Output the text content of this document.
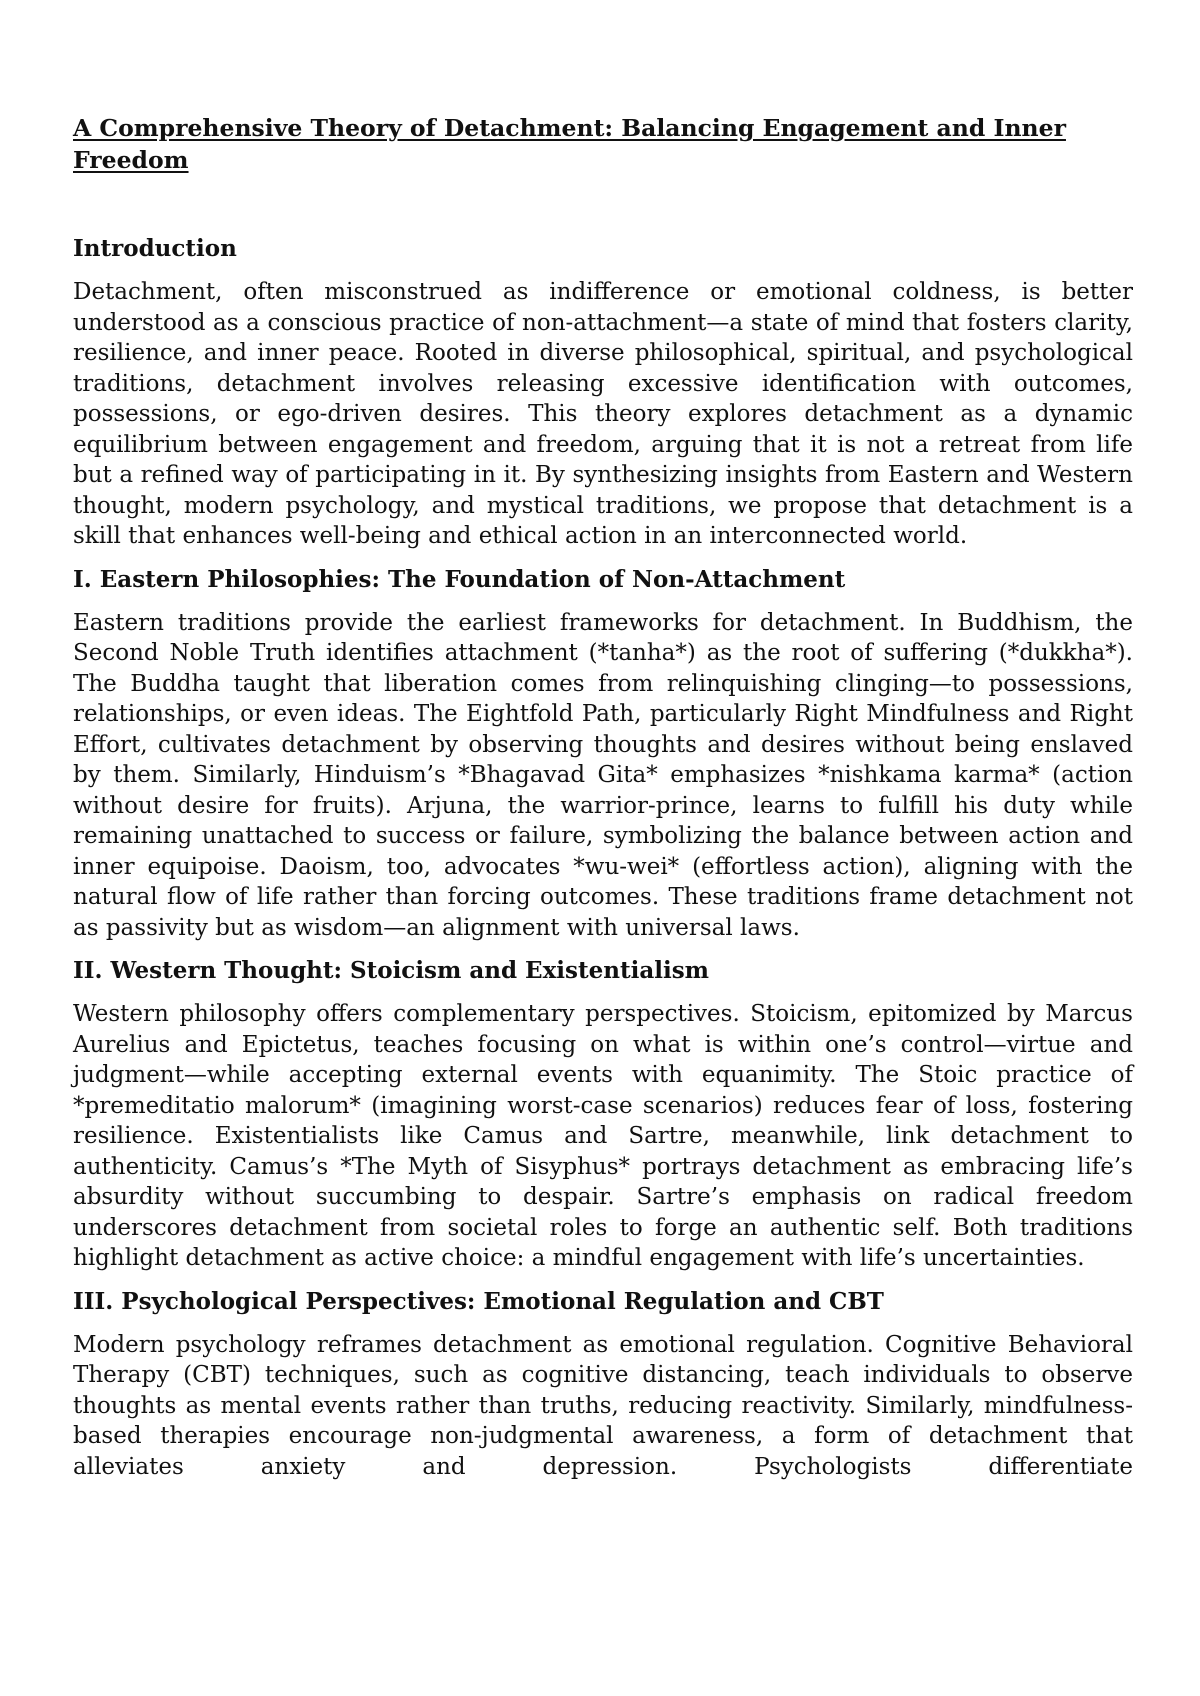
A Comprehensive Theory of Detachment: Balancing Engagement and Inner Freedom
Introduction

Detachment, often misconstrued as indifference or emotional coldness, is better understood as a conscious practice of non-attachment—a state of mind that fosters clarity, resilience, and inner peace. Rooted in diverse philosophical, spiritual, and psychological traditions, detachment involves releasing excessive identification with outcomes, possessions, or ego-driven desires. This theory explores detachment as a dynamic equilibrium between engagement and freedom, arguing that it is not a retreat from life but a refined way of participating in it. By synthesizing insights from Eastern and Western thought, modern psychology, and mystical traditions, we propose that detachment is a skill that enhances well-being and ethical action in an interconnected world.

I. Eastern Philosophies: The Foundation of Non-Attachment

Eastern traditions provide the earliest frameworks for detachment. In Buddhism, the Second Noble Truth identifies attachment (*tanha*) as the root of suffering (*dukkha*). The Buddha taught that liberation comes from relinquishing clinging—to possessions, relationships, or even ideas. The Eightfold Path, particularly Right Mindfulness and Right Effort, cultivates detachment by observing thoughts and desires without being enslaved by them. Similarly, Hinduism’s *Bhagavad Gita* emphasizes *nishkama karma* (action without desire for fruits). Arjuna, the warrior-prince, learns to fulfill his duty while remaining unattached to success or failure, symbolizing the balance between action and inner equipoise. Daoism, too, advocates *wu-wei* (effortless action), aligning with the natural flow of life rather than forcing outcomes. These traditions frame detachment not as passivity but as wisdom—an alignment with universal laws.

II. Western Thought: Stoicism and Existentialism

Western philosophy offers complementary perspectives. Stoicism, epitomized by Marcus Aurelius and Epictetus, teaches focusing on what is within one’s control—virtue and judgment—while accepting external events with equanimity. The Stoic practice of *premeditatio malorum* (imagining worst-case scenarios) reduces fear of loss, fostering resilience. Existentialists like Camus and Sartre, meanwhile, link detachment to authenticity. Camus’s *The Myth of Sisyphus* portrays detachment as embracing life’s absurdity without succumbing to despair. Sartre’s emphasis on radical freedom underscores detachment from societal roles to forge an authentic self. Both traditions highlight detachment as active choice: a mindful engagement with life’s uncertainties.

III. Psychological Perspectives: Emotional Regulation and CBT

Modern psychology reframes detachment as emotional regulation. Cognitive Behavioral Therapy (CBT) techniques, such as cognitive distancing, teach individuals to observe thoughts as mental events rather than truths, reducing reactivity. Similarly, mindfulness-based therapies encourage non-judgmental awareness, a form of detachment that alleviates anxiety and depression. Psychologists differentiate
